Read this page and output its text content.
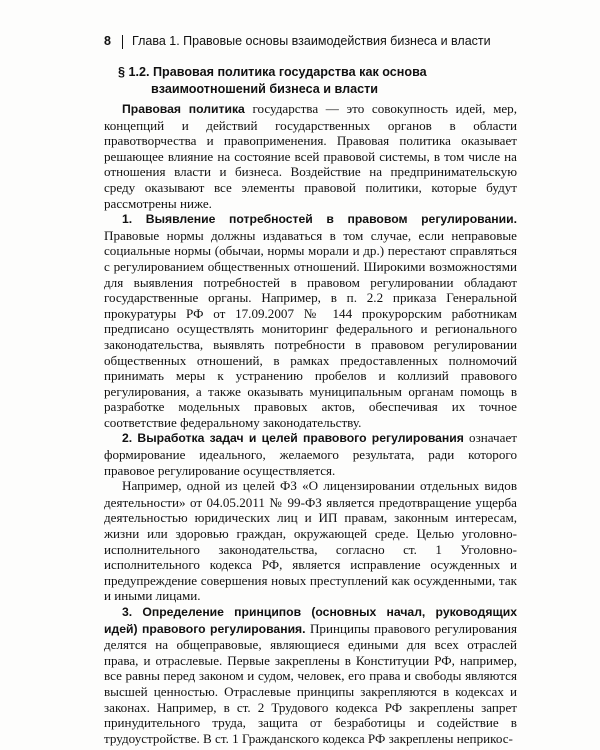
8 Глава 1. Правовые основы взаимодействия бизнеса и власти
§ 1.2. Правовая политика государства как основа
взаимоотношений бизнеса и власти

Правовая политика государства — это совокупность идей, мер, концепций и действий государственных органов в области правотворчества и правоприменения. Правовая политика оказывает решающее влияние на состояние всей правовой системы, в том числе на отношения власти и бизнеса. Воздействие на предпринимательскую среду оказывают все элементы правовой политики, которые будут рассмотрены ниже.

1. Выявление потребностей в правовом регулировании. Правовые нормы должны издаваться в том случае, если неправовые социальные нормы (обычаи, нормы морали и др.) перестают справляться с регулированием общественных отношений. Широкими возможностями для выявления потребностей в правовом регулировании обладают государственные органы. Например, в п. 2.2 приказа Генеральной прокуратуры РФ от 17.09.2007 № 144 прокурорским работникам предписано осуществлять мониторинг федерального и регионального законодательства, выявлять потребности в правовом регулировании общественных отношений, в рамках предоставленных полномочий принимать меры к устранению пробелов и коллизий правового регулирования, а также оказывать муниципальным органам помощь в разработке модельных правовых актов, обеспечивая их точное соответствие федеральному законодательству.

2. Выработка задач и целей правового регулирования означает формирование идеального, желаемого результата, ради которого правовое регулирование осуществляется.

Например, одной из целей ФЗ «О лицензировании отдельных видов деятельности» от 04.05.2011 № 99-ФЗ является предотвращение ущерба деятельностью юридических лиц и ИП правам, законным интересам, жизни или здоровью граждан, окружающей среде. Целью уголовно-исполнительного законодательства, согласно ст. 1 Уголовно-исполнительного кодекса РФ, является исправление осужденных и предупреждение совершения новых преступлений как осужденными, так и иными лицами.

3. Определение принципов (основных начал, руководящих идей) правового регулирования. Принципы правового регулирования делятся на общеправовые, являющиеся едиными для всех отраслей права, и отраслевые. Первые закреплены в Конституции РФ, например, все равны перед законом и судом, человек, его права и свободы являются высшей ценностью. Отраслевые принципы закрепляются в кодексах и законах. Например, в ст. 2 Трудового кодекса РФ закреплены запрет принудительного труда, защита от безработицы и содействие в трудоустройстве. В ст. 1 Гражданского кодекса РФ закреплены неприкос-
